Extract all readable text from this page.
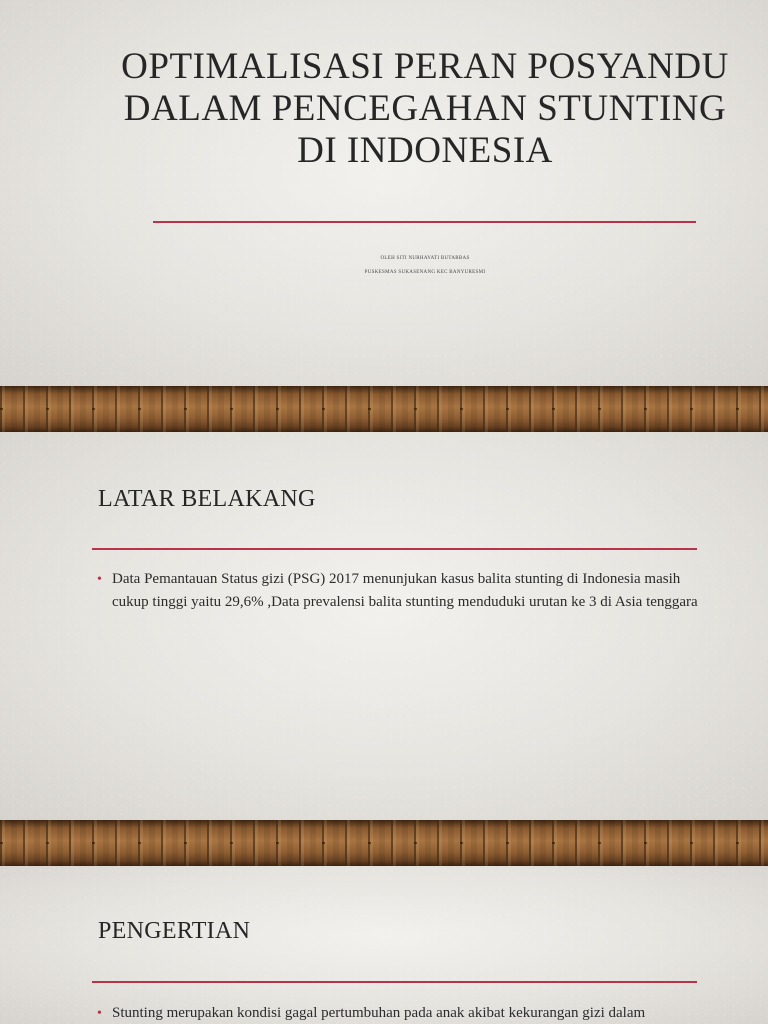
OPTIMALISASI PERAN POSYANDU DALAM PENCEGAHAN STUNTING DI INDONESIA
OLEH SITI NURHAYATI BUTARBAS
PUSKESMAS SUKASENANG KEC BANYURESMI
LATAR BELAKANG
• Data Pemantauan Status gizi (PSG) 2017 menunjukan kasus balita stunting di Indonesia masih cukup tinggi yaitu 29,6% ,Data prevalensi balita stunting menduduki urutan ke 3 di Asia tenggara
PENGERTIAN
• Stunting merupakan kondisi gagal pertumbuhan pada anak akibat kekurangan gizi dalam
